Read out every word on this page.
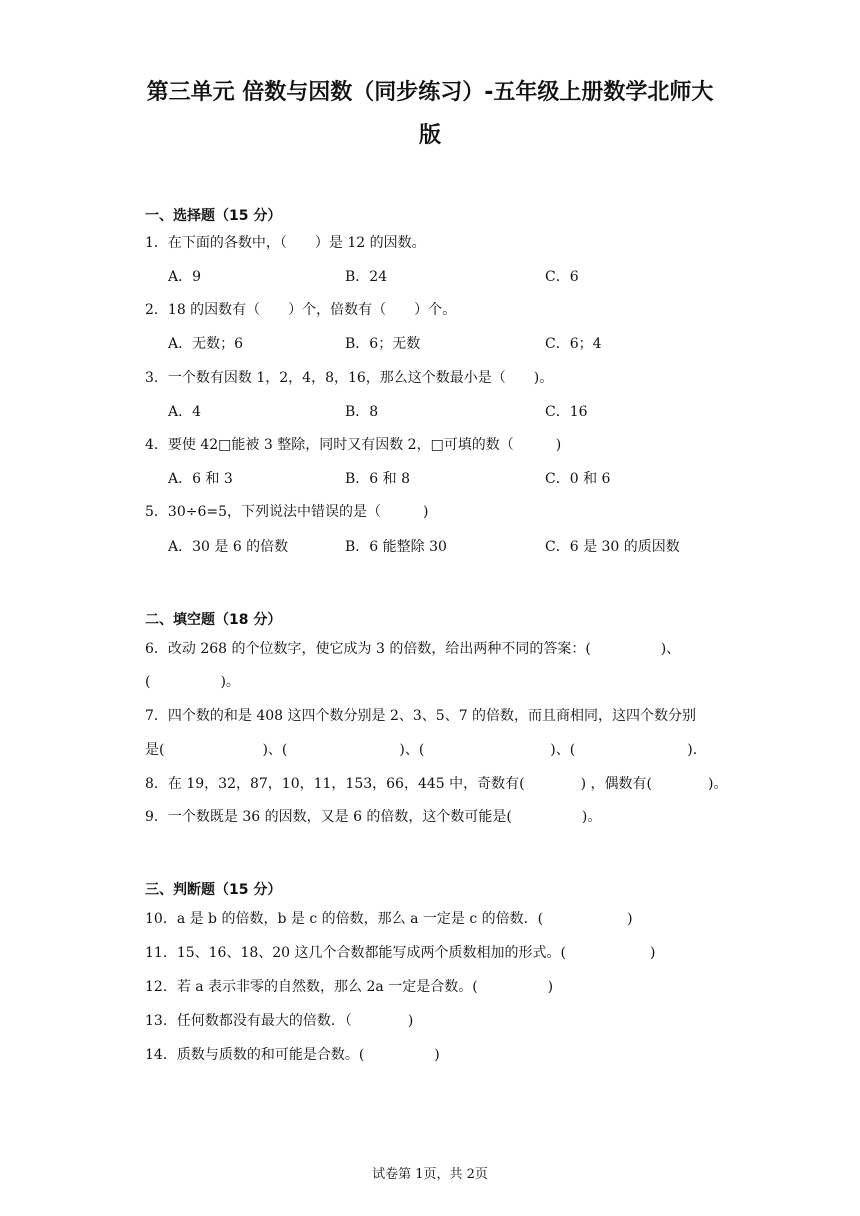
第三单元 倍数与因数（同步练习）-五年级上册数学北师大
版
一、选择题（15 分）
1．在下面的各数中，（　　）是 12 的因数。
A．9	B．24	C．6
2．18 的因数有（　　）个，倍数有（　　）个。
A．无数；6	B．6；无数	C．6；4
3．一个数有因数 1，2，4，8，16，那么这个数最小是（　　)。
A．4	B．8	C．16
4．要使 42□能被 3 整除，同时又有因数 2，□可填的数（　　　)
A．6 和 3	B．6 和 8	C．0 和 6
5．30÷6=5，下列说法中错误的是（　　　)
A．30 是 6 的倍数	B．6 能整除 30	C．6 是 30 的质因数
二、填空题（18 分）
6．改动 268 的个位数字，使它成为 3 的倍数，给出两种不同的答案：(　　　　　)、
(　　　　　)。
7．四个数的和是 408 这四个数分别是 2、3、5、7 的倍数，而且商相同，这四个数分别
是(　　　　　　　)、(　　　　　　　　)、(　　　　　　　　　)、(　　　　　　　　).
8．在 19，32，87，10，11，153，66，445 中，奇数有(　　　　) ，偶数有(　　　　)。
9．一个数既是 36 的因数，又是 6 的倍数，这个数可能是(　　　　　)。
三、判断题（15 分）
10．a 是 b 的倍数，b 是 c 的倍数，那么 a 一定是 c 的倍数．(　　　　　　)
11．15、16、18、20 这几个合数都能写成两个质数相加的形式。(　　　　　　)
12．若 a 表示非零的自然数，那么 2a 一定是合数。(　　　　　)
13．任何数都没有最大的倍数．（　　　　)
14．质数与质数的和可能是合数。(　　　　　)
试卷第 1页，共 2页
